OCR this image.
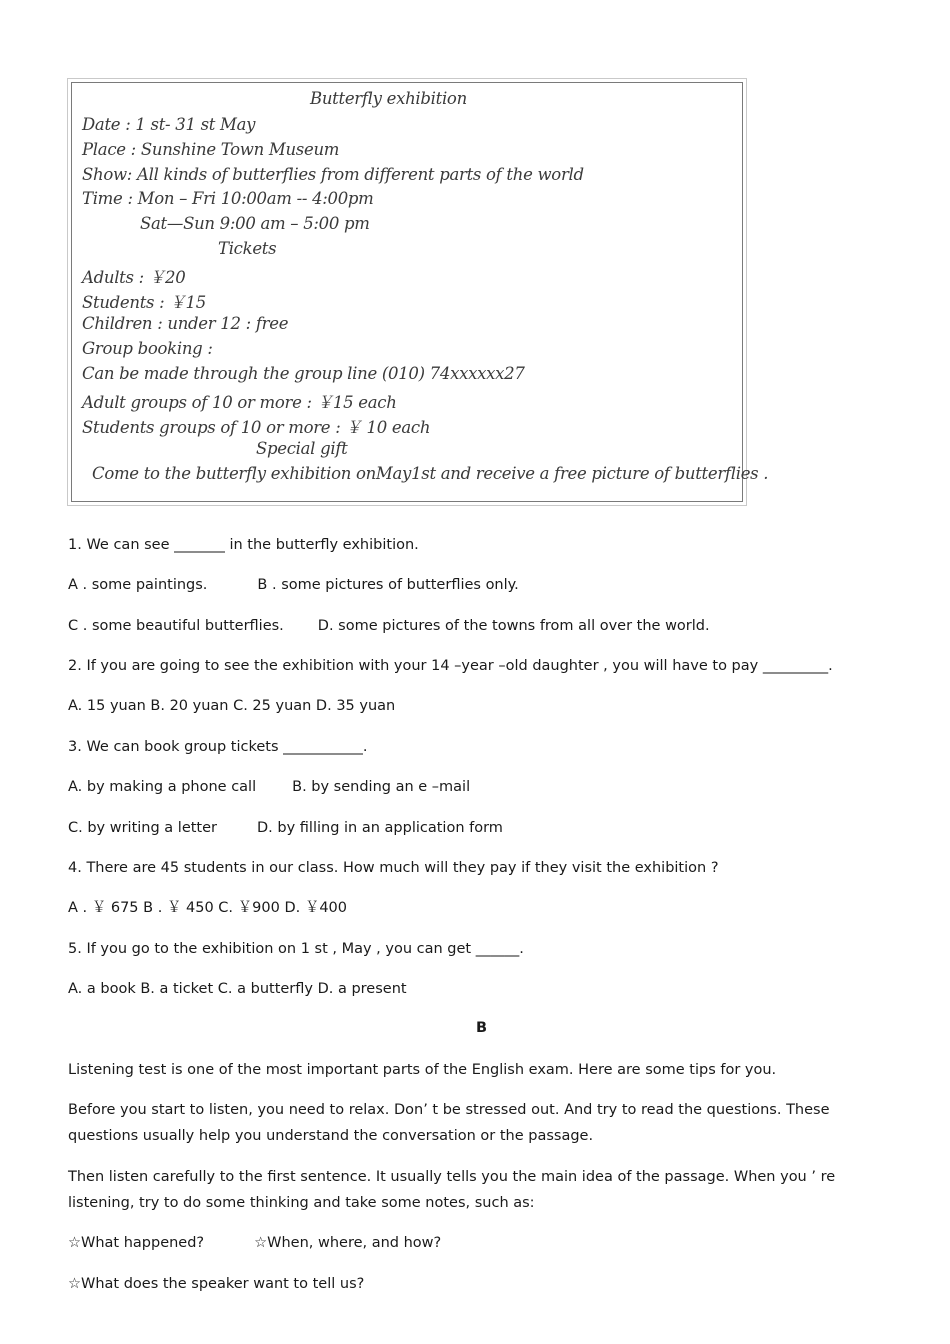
Butterfly exhibition
Date : 1 st- 31 st May
Place : Sunshine Town Museum
Show: All kinds of butterflies from different parts of the world
Time : Mon – Fri 10:00am -- 4:00pm
Sat—Sun 9:00 am – 5:00 pm
Tickets
Adults : ￥20
Students : ￥15
Children : under 12 : free
Group booking :
Can be made through the group line (010) 74xxxxxx27
Adult groups of 10 or more : ￥15 each
Students groups of 10 or more : ￥ 10 each
Special gift
Come to the butterfly exhibition onMay1st and receive a free picture of butterflies .
1. We can see _______ in the butterfly exhibition.
A . some paintings.	B . some pictures of butterflies only.
C . some beautiful butterflies. D. some pictures of the towns from all over the world.
2. If you are going to see the exhibition with your 14 –year –old daughter , you will have to pay _________.
A. 15 yuan B. 20 yuan C. 25 yuan D. 35 yuan
3. We can book group tickets ___________.
A. by making a phone call B. by sending an e –mail
C. by writing a letter	D. by filling in an application form
4. There are 45 students in our class. How much will they pay if they visit the exhibition ?
A . ￥ 675 B . ￥ 450 C. ￥900 D. ￥400
5. If you go to the exhibition on 1 st , May , you can get ______.
A. a book B. a ticket C. a butterfly D. a present
B
Listening test is one of the most important parts of the English exam. Here are some tips for you.
Before you start to listen, you need to relax. Don’ t be stressed out. And try to read the questions. These questions usually help you understand the conversation or the passage.
Then listen carefully to the first sentence. It usually tells you the main idea of the passage. When you ’ re listening, try to do some thinking and take some notes, such as:
☆What happened?	☆When, where, and how?
☆What does the speaker want to tell us?
